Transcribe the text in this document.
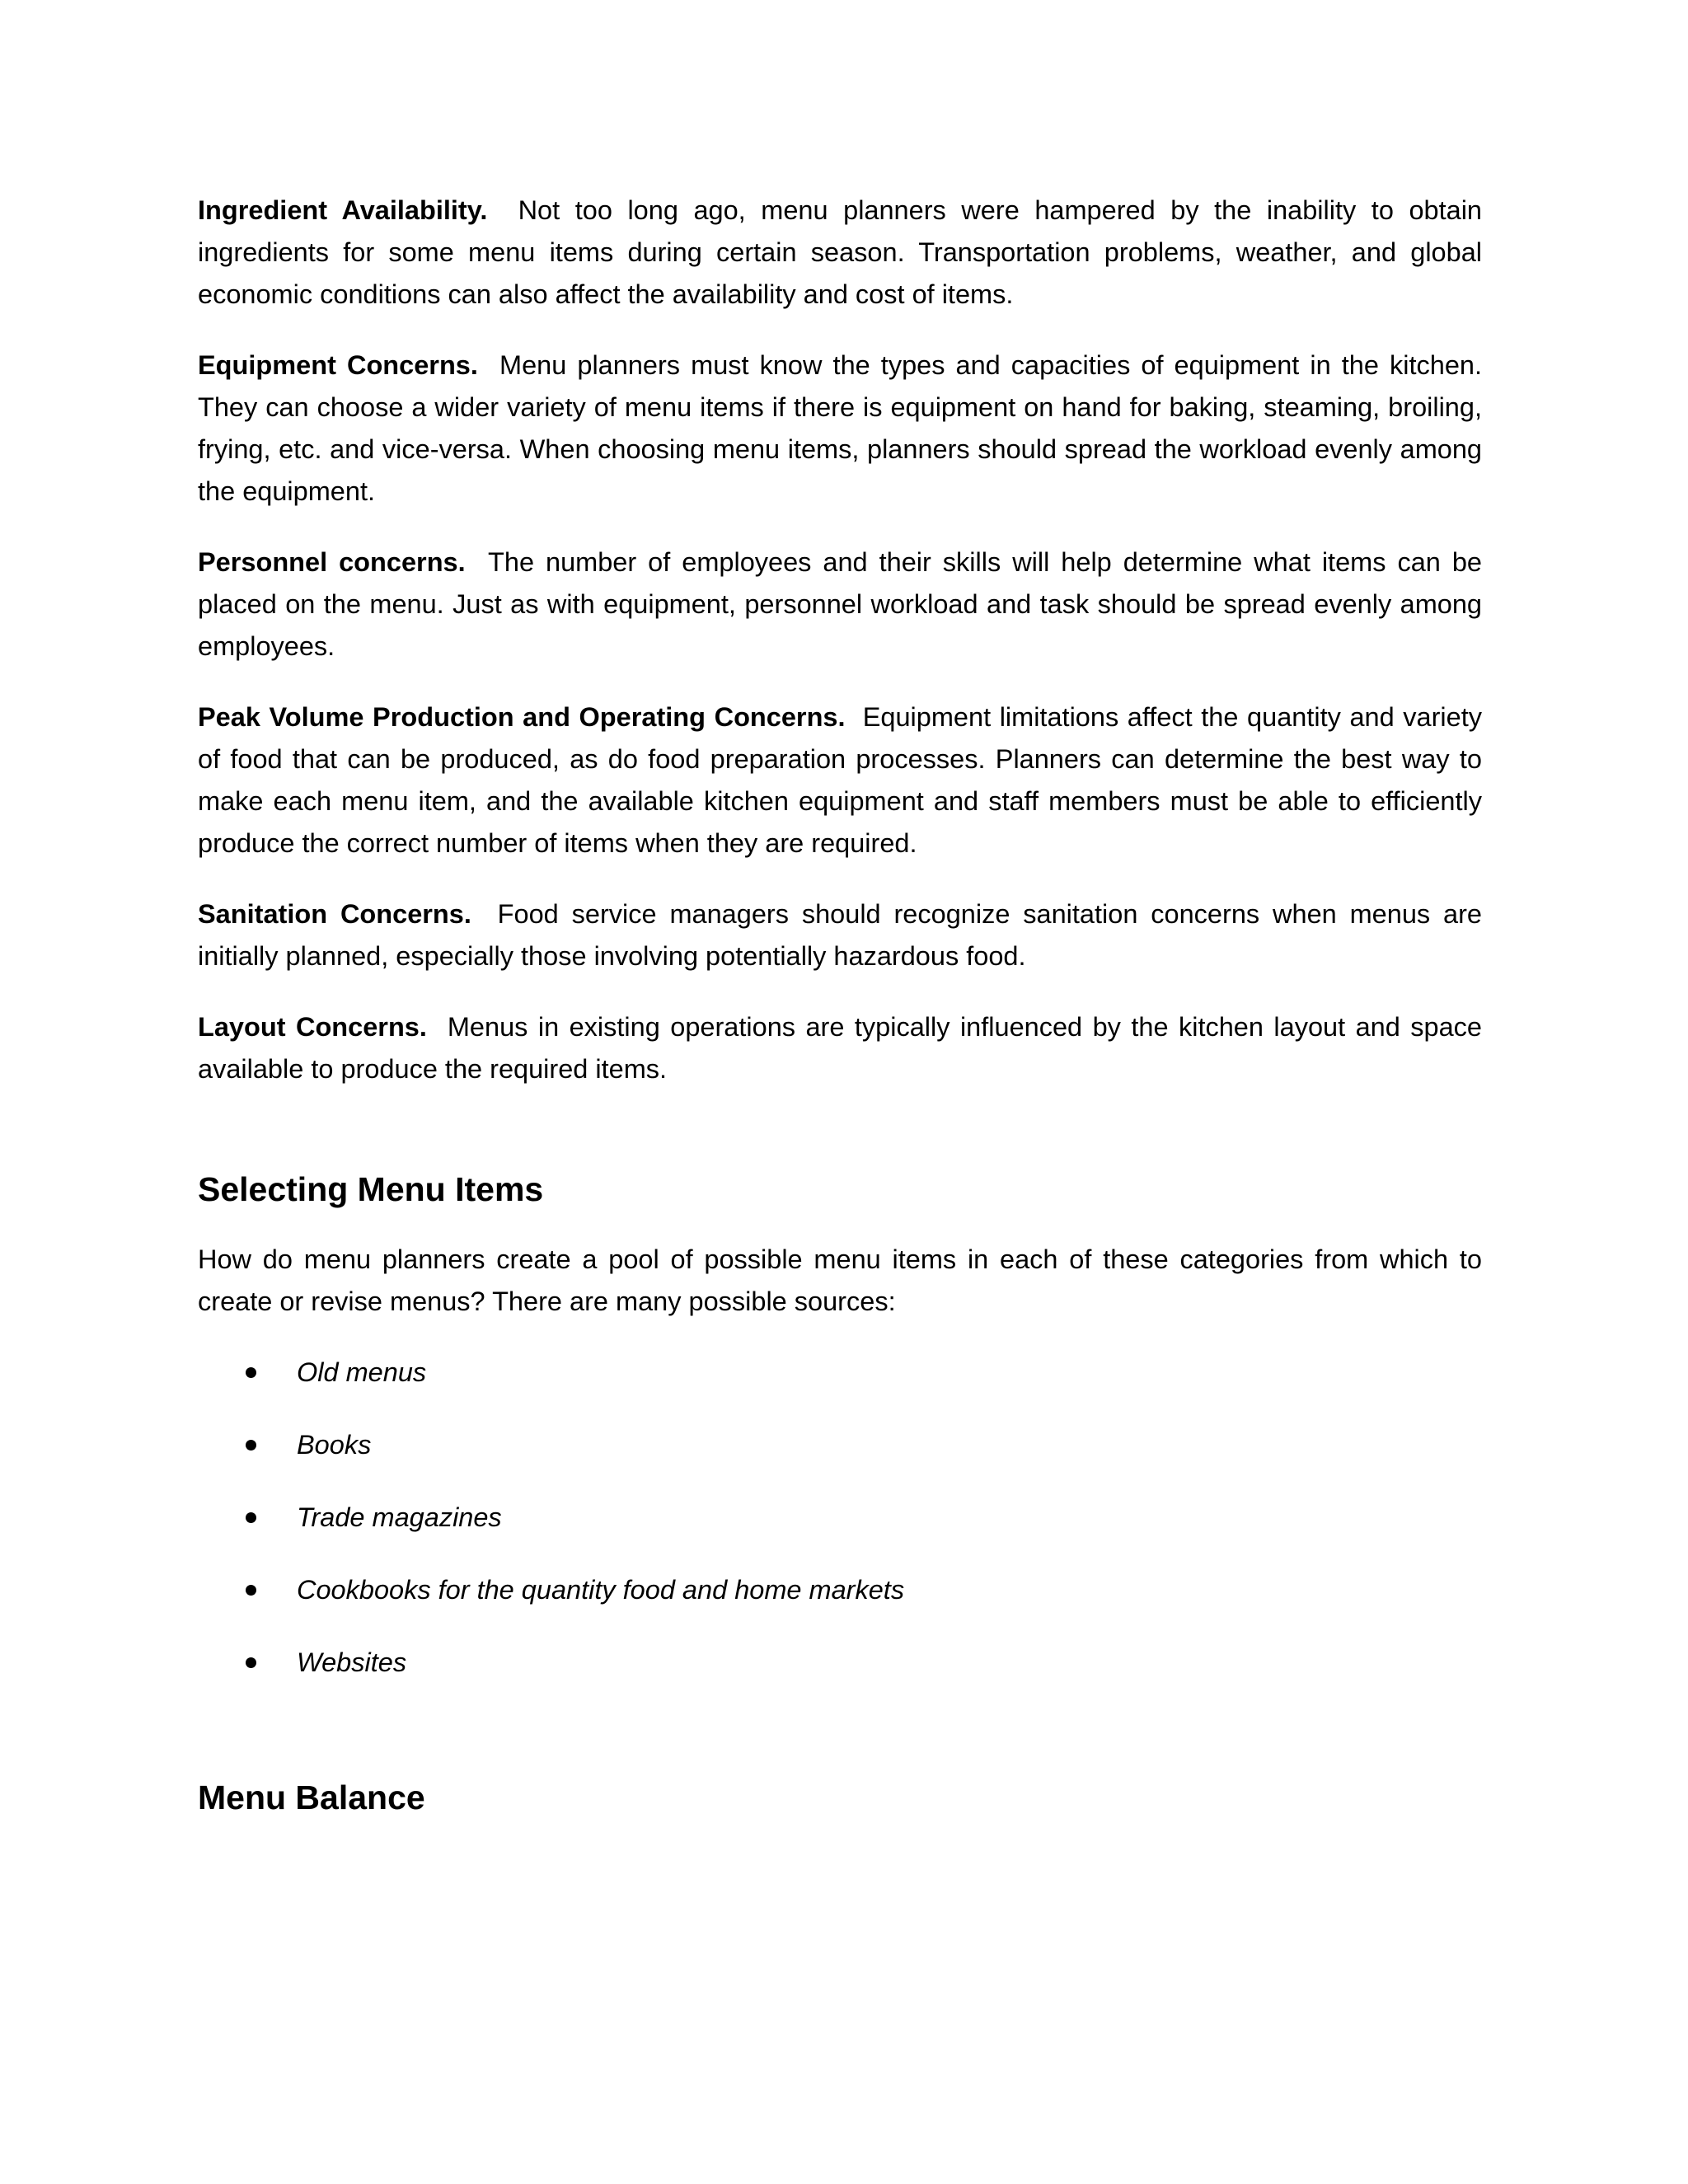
Ingredient Availability. Not too long ago, menu planners were hampered by the inability to obtain ingredients for some menu items during certain season. Transportation problems, weather, and global economic conditions can also affect the availability and cost of items.

Equipment Concerns. Menu planners must know the types and capacities of equipment in the kitchen. They can choose a wider variety of menu items if there is equipment on hand for baking, steaming, broiling, frying, etc. and vice-versa. When choosing menu items, planners should spread the workload evenly among the equipment.

Personnel concerns. The number of employees and their skills will help determine what items can be placed on the menu. Just as with equipment, personnel workload and task should be spread evenly among employees.

Peak Volume Production and Operating Concerns. Equipment limitations affect the quantity and variety of food that can be produced, as do food preparation processes. Planners can determine the best way to make each menu item, and the available kitchen equipment and staff members must be able to efficiently produce the correct number of items when they are required.

Sanitation Concerns. Food service managers should recognize sanitation concerns when menus are initially planned, especially those involving potentially hazardous food.

Layout Concerns. Menus in existing operations are typically influenced by the kitchen layout and space available to produce the required items.

Selecting Menu Items

How do menu planners create a pool of possible menu items in each of these categories from which to create or revise menus? There are many possible sources:

Old menus
Books
Trade magazines
Cookbooks for the quantity food and home markets
Websites
Menu Balance
